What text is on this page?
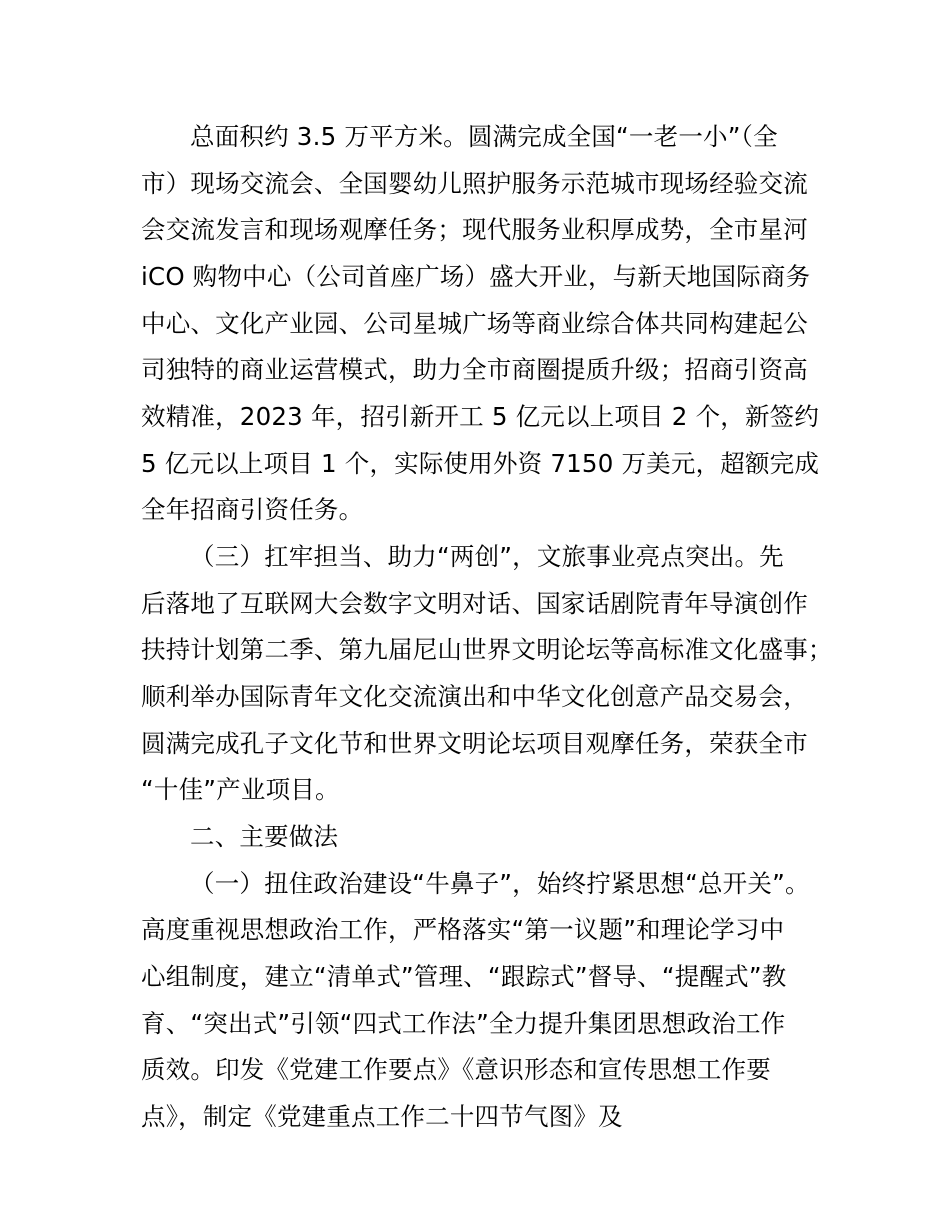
总面积约 3.5 万平方米。圆满完成全国“一老一小”（全
市）现场交流会、全国婴幼儿照护服务示范城市现场经验交流
会交流发言和现场观摩任务；现代服务业积厚成势，全市星河
iCO 购物中心（公司首座广场）盛大开业，与新天地国际商务
中心、文化产业园、公司星城广场等商业综合体共同构建起公
司独特的商业运营模式，助力全市商圈提质升级；招商引资高
效精准，2023 年，招引新开工 5 亿元以上项目 2 个，新签约
5 亿元以上项目 1 个，实际使用外资 7150 万美元，超额完成
全年招商引资任务。
（三）扛牢担当、助力“两创”，文旅事业亮点突出。先
后落地了互联网大会数字文明对话、国家话剧院青年导演创作
扶持计划第二季、第九届尼山世界文明论坛等高标准文化盛事；
顺利举办国际青年文化交流演出和中华文化创意产品交易会，
圆满完成孔子文化节和世界文明论坛项目观摩任务，荣获全市
“十佳”产业项目。
二、主要做法
（一）扭住政治建设“牛鼻子”，始终拧紧思想“总开关”。
高度重视思想政治工作，严格落实“第一议题”和理论学习中
心组制度，建立“清单式”管理、“跟踪式”督导、“提醒式”教
育、“突出式”引领“四式工作法”全力提升集团思想政治工作
质效。印发《党建工作要点》《意识形态和宣传思想工作要
点》，制定《党建重点工作二十四节气图》及
